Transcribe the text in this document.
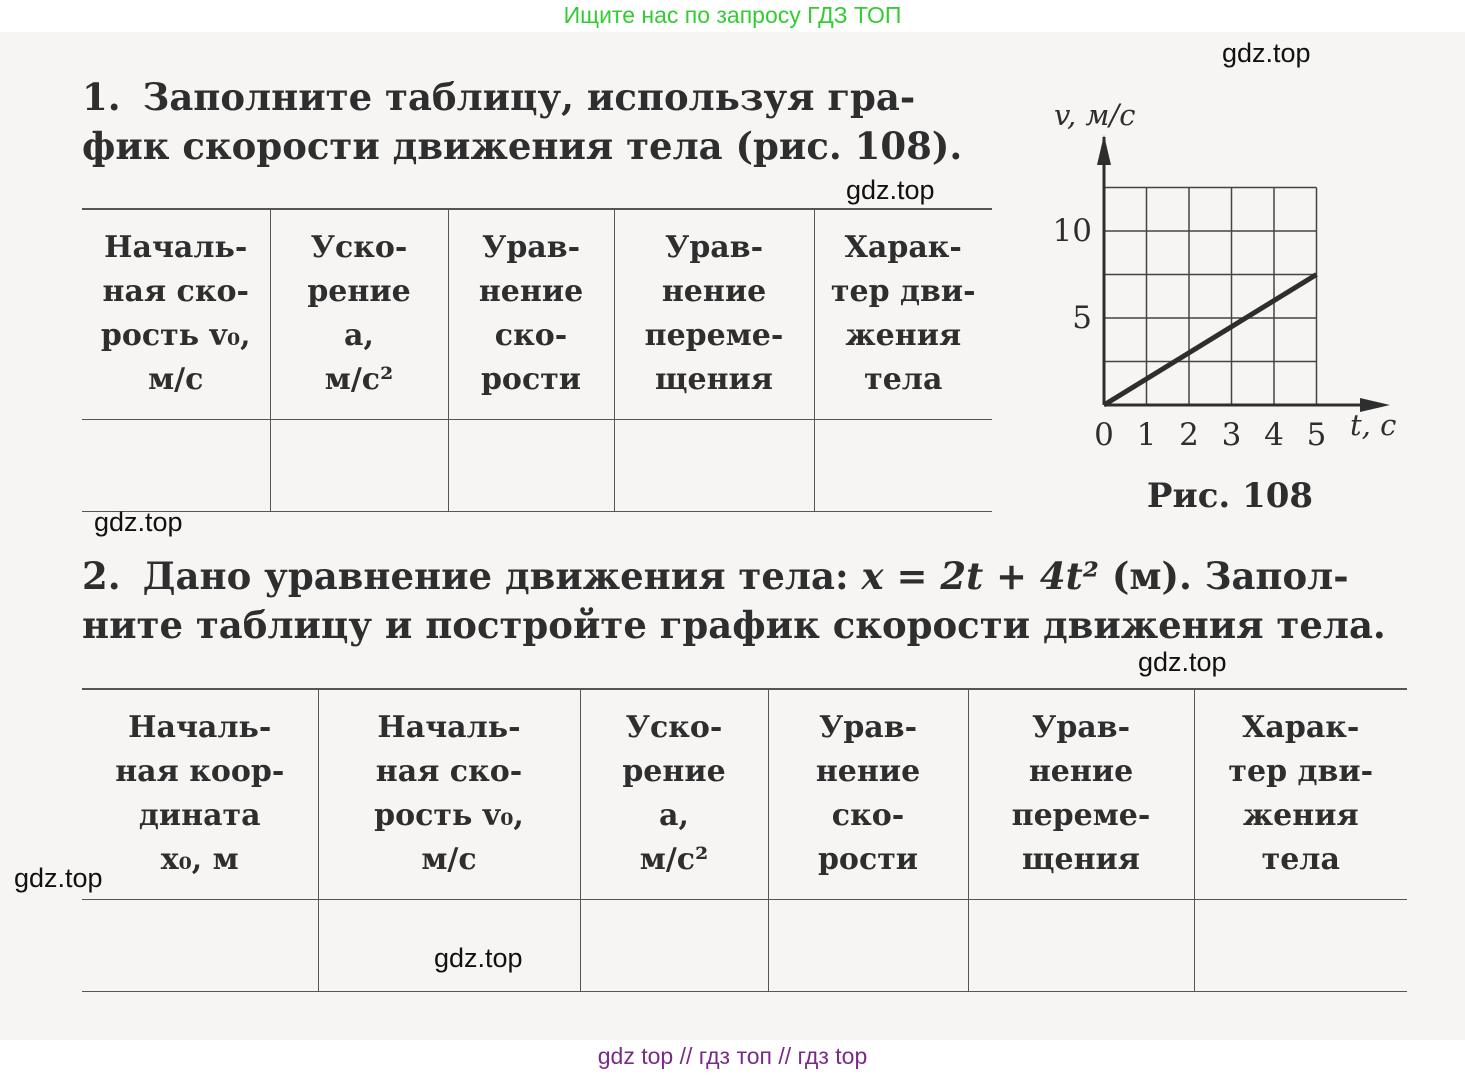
Ищите нас по запросу ГДЗ ТОП
1. Заполните таблицу, используя гра-
фик скорости движения тела (рис. 108).
Началь-
ная ско-
рость v₀,
м/с	Уско-
рение
a,
м/с²	Урав-
нение
ско-
рости	Урав-
нение
переме-
щения	Харак-
тер дви-
жения
тела

10
5
0 1 2 3 4 5
v, м/с
t, с
Рис. 108
2. Дано уравнение движения тела: x = 2t + 4t² (м). Запол-
ните таблицу и постройте график скорости движения тела.
Началь-
ная коор-
дината
x₀, м	Началь-
ная ско-
рость v₀,
м/с	Уско-
рение
a,
м/с²	Урав-
нение
ско-
рости	Урав-
нение
переме-
щения	Харак-
тер дви-
жения
тела

gdz.top
gdz.top
gdz.top
gdz.top
gdz.top
gdz.top
gdz top // гдз топ // гдз top
